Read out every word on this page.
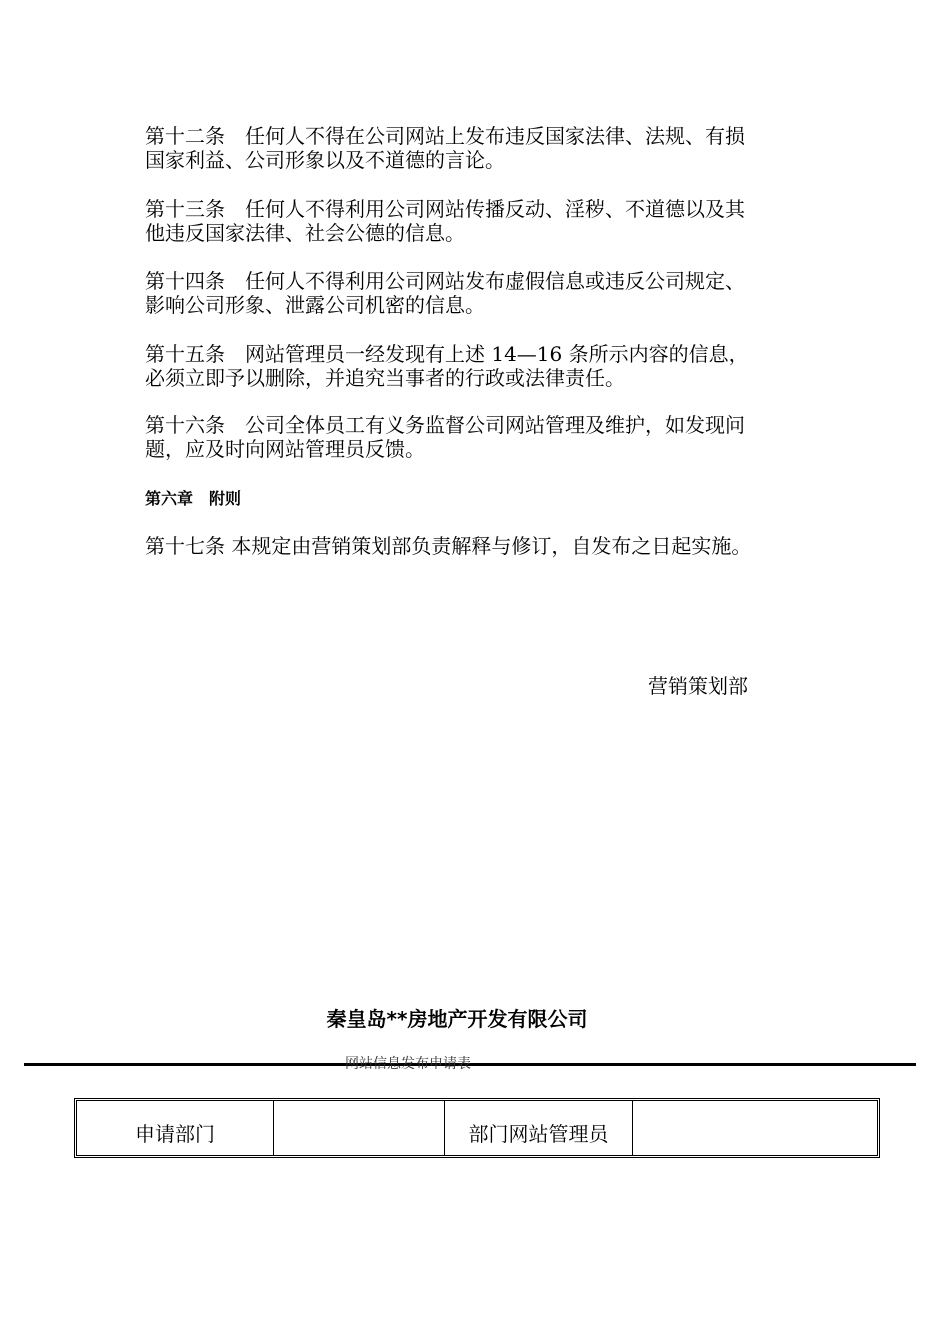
第十二条　任何人不得在公司网站上发布违反国家法律、法规、有损
国家利益、公司形象以及不道德的言论。
第十三条　任何人不得利用公司网站传播反动、淫秽、不道德以及其
他违反国家法律、社会公德的信息。
第十四条　任何人不得利用公司网站发布虚假信息或违反公司规定、
影响公司形象、泄露公司机密的信息。
第十五条　网站管理员一经发现有上述 14—16 条所示内容的信息，
必须立即予以删除，并追究当事者的行政或法律责任。
第十六条　公司全体员工有义务监督公司网站管理及维护，如发现问
题，应及时向网站管理员反馈。
第六章　附则
第十七条 本规定由营销策划部负责解释与修订，自发布之日起实施。
营销策划部
秦皇岛**房地产开发有限公司
网站信息发布申请表
申请部门		部门网站管理员	
